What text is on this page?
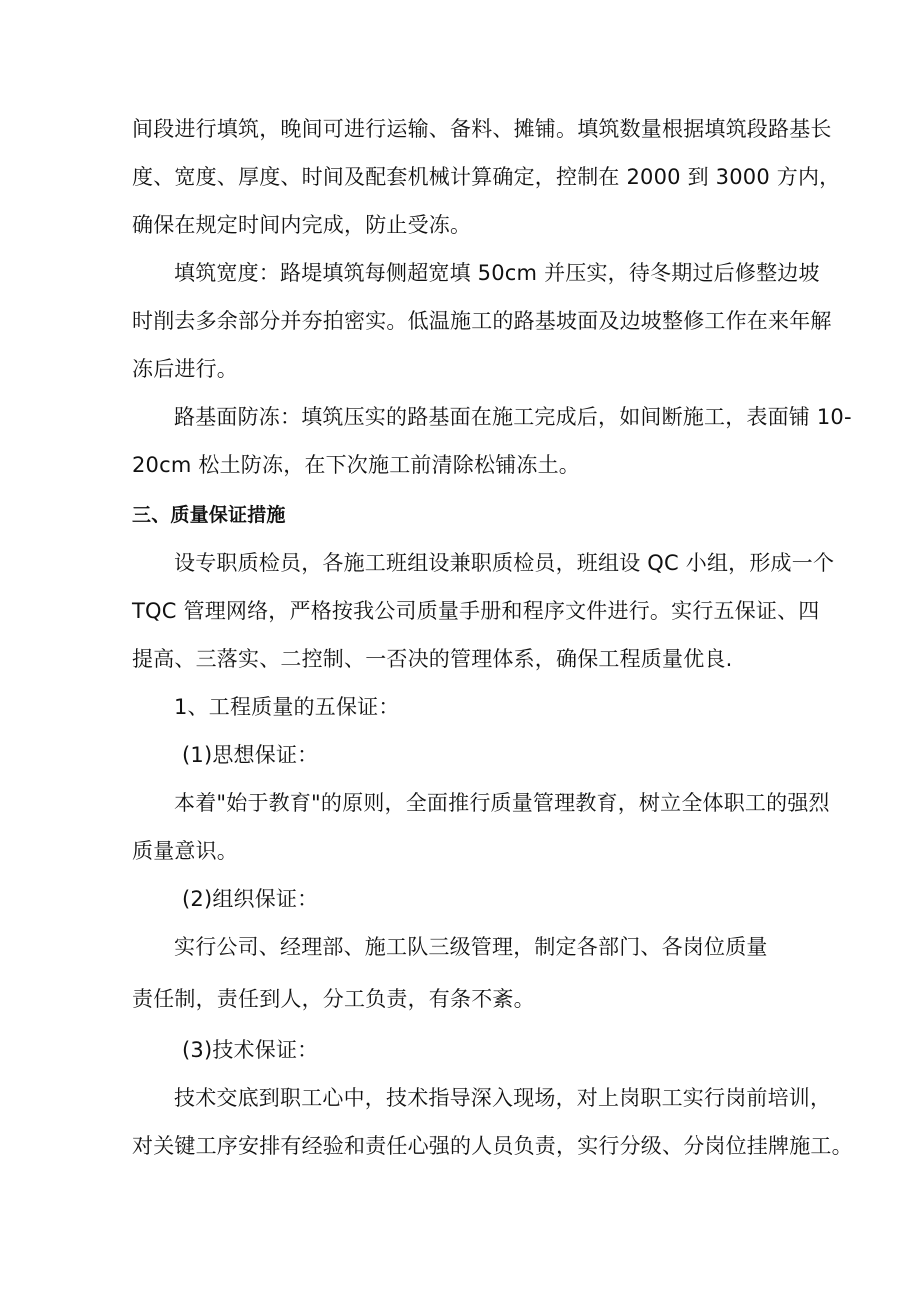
间段进行填筑，晚间可进行运输、备料、摊铺。填筑数量根据填筑段路基长

度、宽度、厚度、时间及配套机械计算确定，控制在 2000 到 3000 方内，

确保在规定时间内完成，防止受冻。

填筑宽度：路堤填筑每侧超宽填 50cm 并压实，待冬期过后修整边坡

时削去多余部分并夯拍密实。低温施工的路基坡面及边坡整修工作在来年解

冻后进行。

路基面防冻：填筑压实的路基面在施工完成后，如间断施工，表面铺 10-

20cm 松土防冻，在下次施工前清除松铺冻土。

三、质量保证措施

设专职质检员，各施工班组设兼职质检员，班组设 QC 小组，形成一个

TQC 管理网络，严格按我公司质量手册和程序文件进行。实行五保证、四

提高、三落实、二控制、一否决的管理体系，确保工程质量优良.

1、工程质量的五保证：

(1)思想保证：

本着"始于教育"的原则，全面推行质量管理教育，树立全体职工的强烈

质量意识。

(2)组织保证：

实行公司、经理部、施工队三级管理，制定各部门、各岗位质量

责任制，责任到人，分工负责，有条不紊。

(3)技术保证：

技术交底到职工心中，技术指导深入现场，对上岗职工实行岗前培训，

对关键工序安排有经验和责任心强的人员负责，实行分级、分岗位挂牌施工。
